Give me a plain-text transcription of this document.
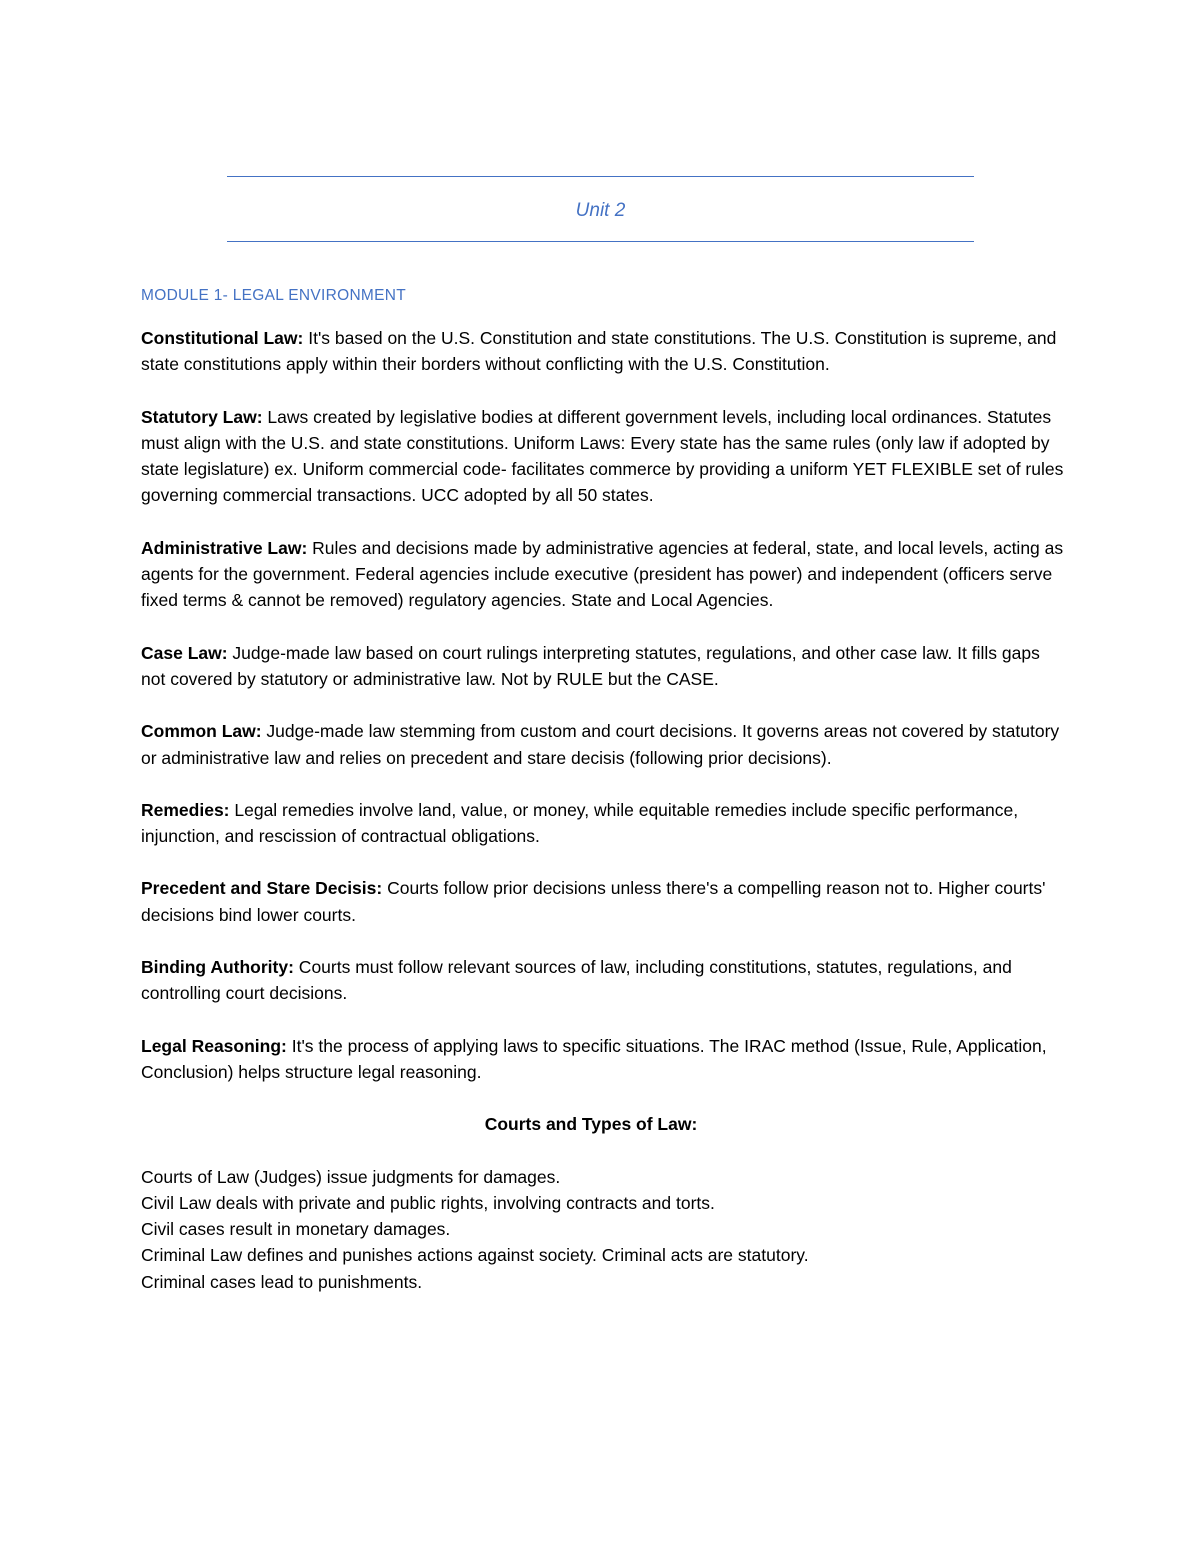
Unit 2
MODULE 1- LEGAL ENVIRONMENT

Constitutional Law: It's based on the U.S. Constitution and state constitutions. The U.S. Constitution is supreme, and state constitutions apply within their borders without conflicting with the U.S. Constitution.

Statutory Law: Laws created by legislative bodies at different government levels, including local ordinances. Statutes must align with the U.S. and state constitutions. Uniform Laws: Every state has the same rules (only law if adopted by state legislature) ex. Uniform commercial code- facilitates commerce by providing a uniform YET FLEXIBLE set of rules governing commercial transactions. UCC adopted by all 50 states.

Administrative Law: Rules and decisions made by administrative agencies at federal, state, and local levels, acting as agents for the government. Federal agencies include executive (president has power) and independent (officers serve fixed terms & cannot be removed) regulatory agencies. State and Local Agencies.

Case Law: Judge-made law based on court rulings interpreting statutes, regulations, and other case law. It fills gaps not covered by statutory or administrative law. Not by RULE but the CASE.

Common Law: Judge-made law stemming from custom and court decisions. It governs areas not covered by statutory or administrative law and relies on precedent and stare decisis (following prior decisions).

Remedies: Legal remedies involve land, value, or money, while equitable remedies include specific performance, injunction, and rescission of contractual obligations.

Precedent and Stare Decisis: Courts follow prior decisions unless there's a compelling reason not to. Higher courts' decisions bind lower courts.

Binding Authority: Courts must follow relevant sources of law, including constitutions, statutes, regulations, and controlling court decisions.

Legal Reasoning: It's the process of applying laws to specific situations. The IRAC method (Issue, Rule, Application, Conclusion) helps structure legal reasoning.

Courts and Types of Law:
Courts of Law (Judges) issue judgments for damages.
Civil Law deals with private and public rights, involving contracts and torts.
Civil cases result in monetary damages.
Criminal Law defines and punishes actions against society. Criminal acts are statutory.
Criminal cases lead to punishments.
